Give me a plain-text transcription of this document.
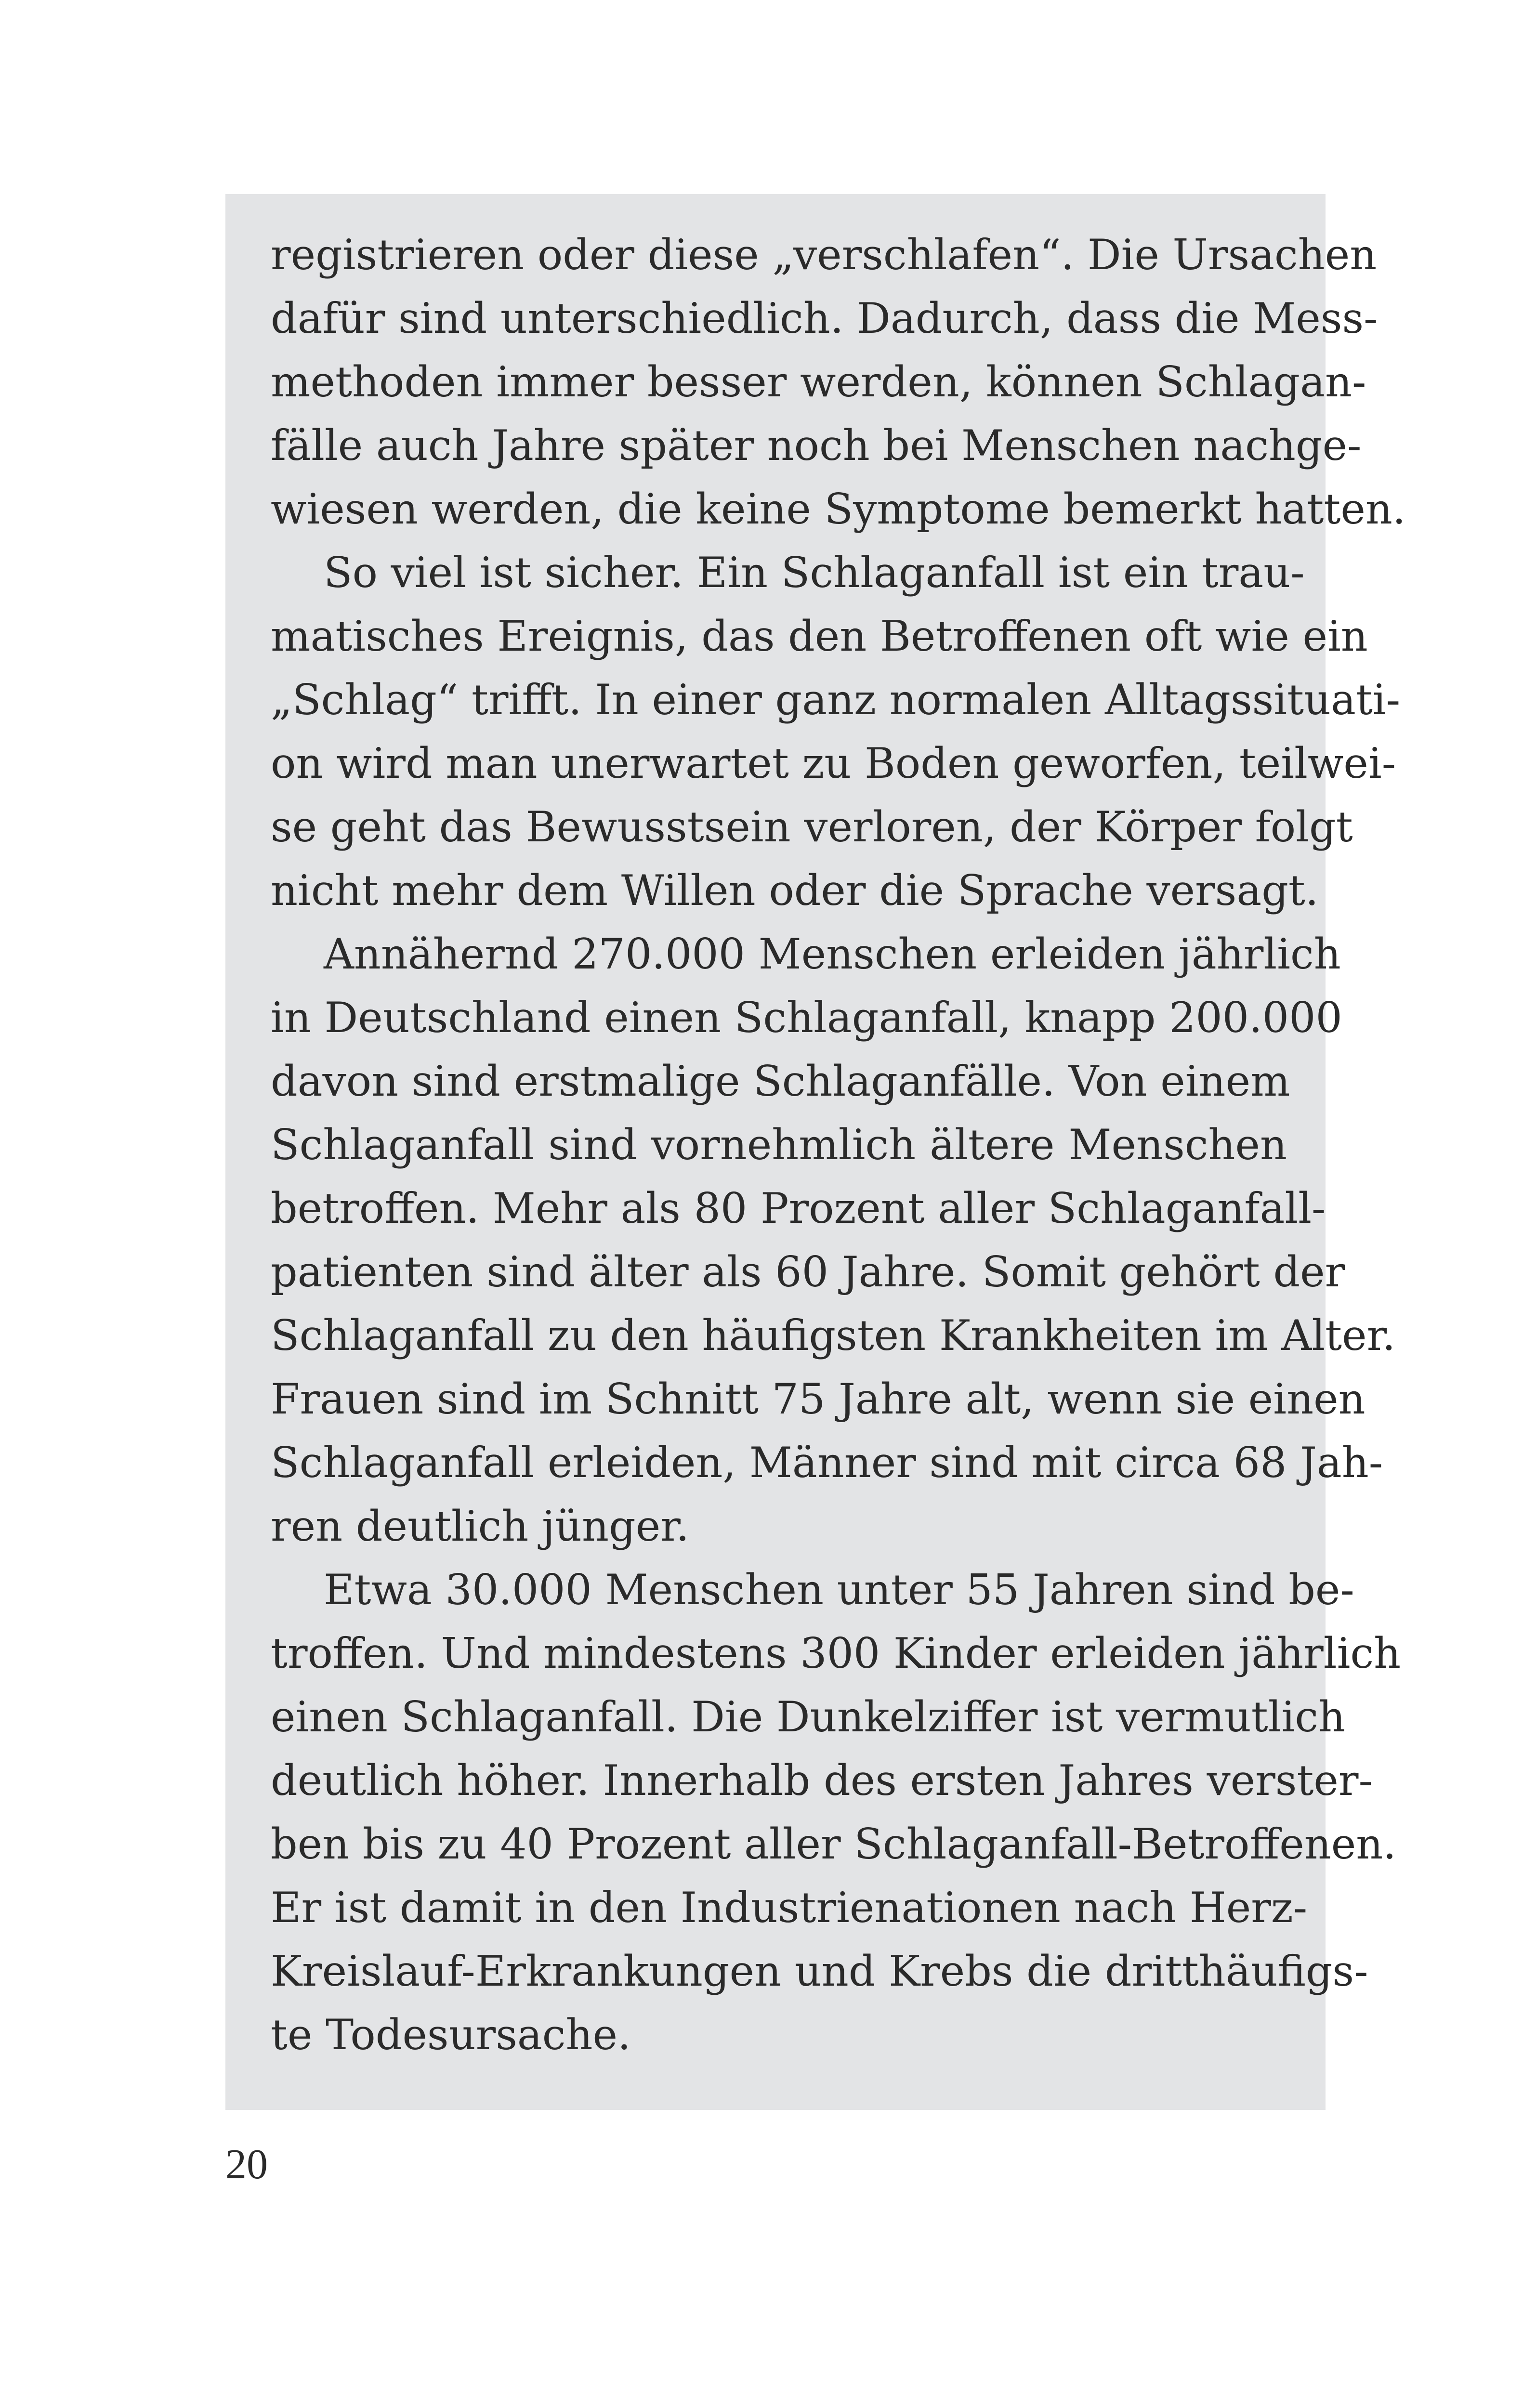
registrieren oder diese „verschlafen“. Die Ursachen
dafür sind unterschiedlich. Dadurch, dass die Mess-
methoden immer besser werden, können Schlagan-
fälle auch Jahre später noch bei Menschen nachge-
wiesen werden, die keine Symptome bemerkt hatten.

So viel ist sicher. Ein Schlaganfall ist ein trau-
matisches Ereignis, das den Betroffenen oft wie ein
„Schlag“ trifft. In einer ganz normalen Alltagssituati-
on wird man unerwartet zu Boden geworfen, teilwei-
se geht das Bewusstsein verloren, der Körper folgt
nicht mehr dem Willen oder die Sprache versagt.

Annähernd 270.000 Menschen erleiden jährlich
in Deutschland einen Schlaganfall, knapp 200.000
davon sind erstmalige Schlaganfälle. Von einem
Schlaganfall sind vornehmlich ältere Menschen
betroffen. Mehr als 80 Prozent aller Schlaganfall-
patienten sind älter als 60 Jahre. Somit gehört der
Schlaganfall zu den häufigsten Krankheiten im Alter.
Frauen sind im Schnitt 75 Jahre alt, wenn sie einen
Schlaganfall erleiden, Männer sind mit circa 68 Jah-
ren deutlich jünger.

Etwa 30.000 Menschen unter 55 Jahren sind be-
troffen. Und mindestens 300 Kinder erleiden jährlich
einen Schlaganfall. Die Dunkelziffer ist vermutlich
deutlich höher. Innerhalb des ersten Jahres verster-
ben bis zu 40 Prozent aller Schlaganfall-Betroffenen.
Er ist damit in den Industrienationen nach Herz-
Kreislauf-Erkrankungen und Krebs die dritthäufigs-
te Todesursache.

20
